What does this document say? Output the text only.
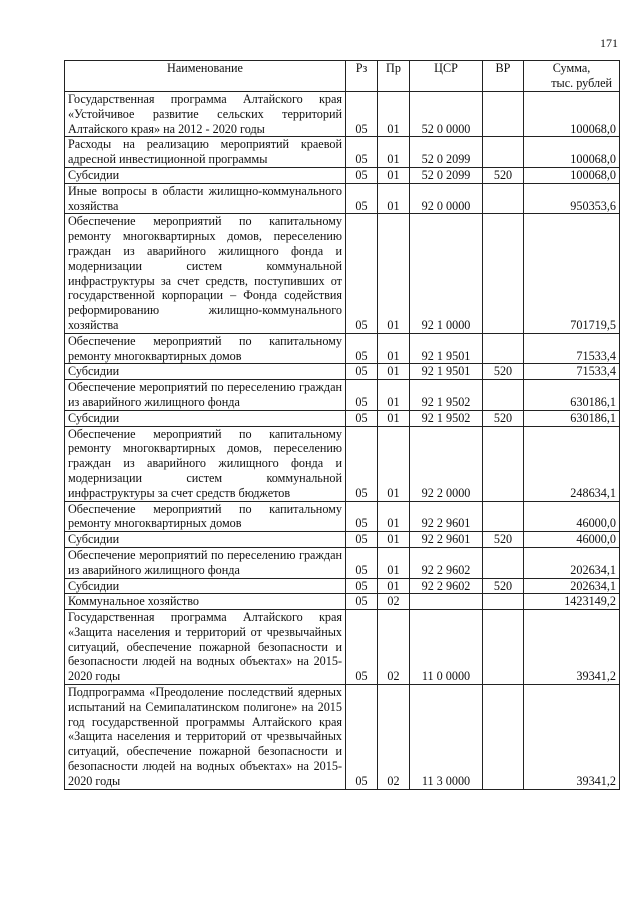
171
Наименование	Рз	Пр	ЦСР	ВР	Сумма,
тыс. рублей

Государственная программа Алтайского края «Устойчивое развитие сельских территорий Алтайского края» на 2012 - 2020 годы	05	01	52 0 0000		100068,0
Расходы на реализацию мероприятий краевой адресной инвестиционной программы	05	01	52 0 2099		100068,0
Субсидии	05	01	52 0 2099	520	100068,0
Иные вопросы в области жилищно-коммунального хозяйства	05	01	92 0 0000		950353,6
Обеспечение мероприятий по капитальному ремонту многоквартирных домов, переселению граждан из аварийного жилищного фонда и модернизации систем коммунальной инфраструктуры за счет средств, поступивших от государственной корпорации – Фонда содействия реформированию жилищно-коммунального хозяйства	05	01	92 1 0000		701719,5
Обеспечение мероприятий по капитальному ремонту многоквартирных домов	05	01	92 1 9501		71533,4
Субсидии	05	01	92 1 9501	520	71533,4
Обеспечение мероприятий по переселению граждан из аварийного жилищного фонда	05	01	92 1 9502		630186,1
Субсидии	05	01	92 1 9502	520	630186,1
Обеспечение мероприятий по капитальному ремонту многоквартирных домов, переселению граждан из аварийного жилищного фонда и модернизации систем коммунальной инфраструктуры за счет средств бюджетов	05	01	92 2 0000		248634,1
Обеспечение мероприятий по капитальному ремонту многоквартирных домов	05	01	92 2 9601		46000,0
Субсидии	05	01	92 2 9601	520	46000,0
Обеспечение мероприятий по переселению граждан из аварийного жилищного фонда	05	01	92 2 9602		202634,1
Субсидии	05	01	92 2 9602	520	202634,1
Коммунальное хозяйство	05	02			1423149,2
Государственная программа Алтайского края «Защита населения и территорий от чрезвычайных ситуаций, обеспечение пожарной безопасности и безопасности людей на водных объектах» на 2015-2020 годы	05	02	11 0 0000		39341,2
Подпрограмма «Преодоление последствий ядерных испытаний на Семипалатинском полигоне» на 2015 год государственной программы Алтайского края «Защита населения и территорий от чрезвычайных ситуаций, обеспечение пожарной безопасности и безопасности людей на водных объектах» на 2015-2020 годы	05	02	11 3 0000		39341,2
